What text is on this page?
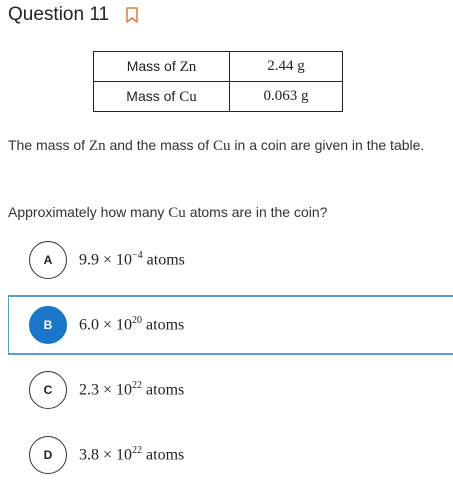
Question 11
Mass of Zn	2.44 g
Mass of Cu	0.063 g
The mass of Zn and the mass of Cu in a coin are given in the table.
Approximately how many Cu atoms are in the coin?
A	$9.9 \times 10^{-4}$ atoms
B	$6.0 \times 10^{20}$ atoms
C	$2.3 \times 10^{22}$ atoms
D	$3.8 \times 10^{22}$ atoms
